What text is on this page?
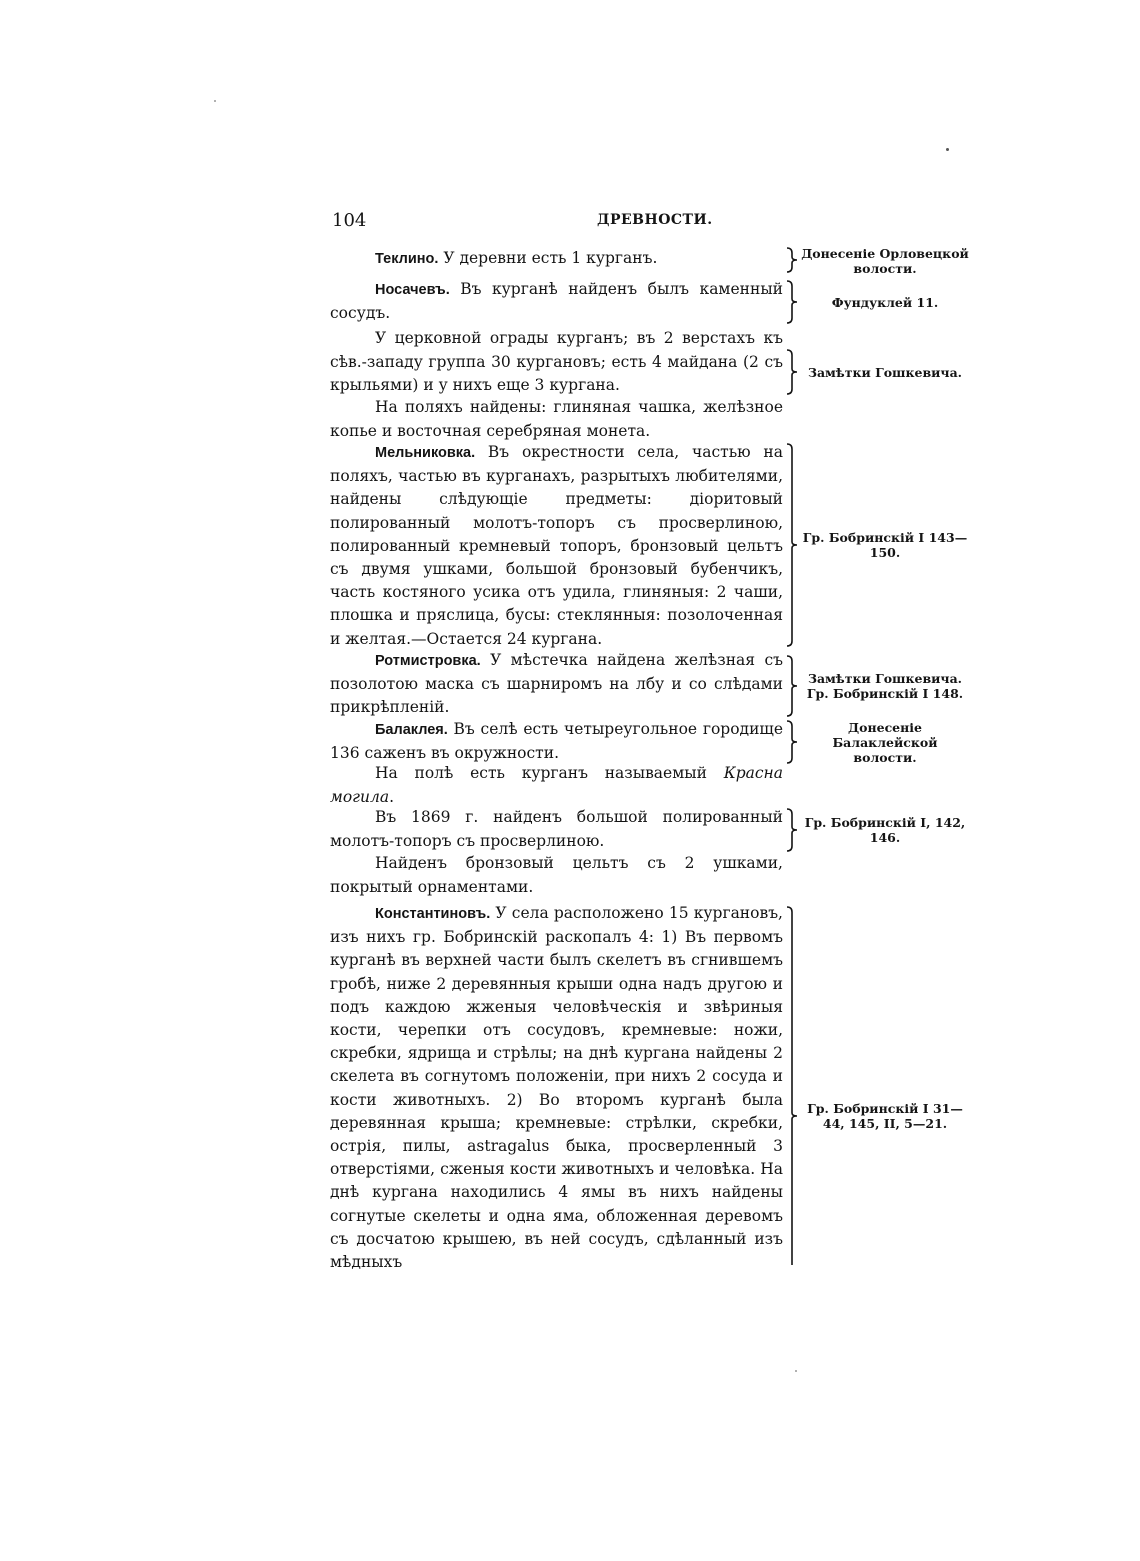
104	ДРЕВНОСТИ.

Теклино. У деревни есть 1 курганъ.	Донесеніе Орловецкой волости.

Носачевъ. Въ курганѣ найденъ былъ каменный сосудъ.

Фундуклей 11.

У церковной ограды курганъ; въ 2 верстахъ къ сѣв.-западу группа 30 кургановъ; есть 4 майдана (2 съ крыльями) и у нихъ еще 3 кургана.

Замѣтки Гошкевича.

На поляхъ найдены: глиняная чашка, желѣзное копье и восточная серебряная монета.

Мельниковка. Въ окрестности села, частью на поляхъ, частью въ курганахъ, разрытыхъ любителями, найдены слѣдующіе предметы: діоритовый полированный молотъ-топоръ съ просверлиною, полированный кремневый топоръ, бронзовый цельтъ съ двумя ушками, большой бронзовый бубенчикъ, часть костяного усика отъ удила, глиняныя: 2 чаши, плошка и пряслица, бусы: стеклянныя: позолоченная и желтая.—Остается 24 кургана.

Гр. Бобринскій I 143—150.

Ротмистровка. У мѣстечка найдена желѣзная съ позолотою маска съ шарниромъ на лбу и со слѣдами прикрѣпленій.

Замѣтки Гошкевича. Гр. Бобринскій I 148.

Балаклея. Въ селѣ есть четыреугольное городище 136 саженъ въ окружности.

Донесеніе Балаклейской волости.

На полѣ есть курганъ называемый Красна могила.

Въ 1869 г. найденъ большой полированный молотъ-топоръ съ просверлиною.

Гр. Бобринскій I, 142, 146.

Найденъ бронзовый цельтъ съ 2 ушками, покрытый орнаментами.

Константиновъ. У села расположено 15 кургановъ, изъ нихъ гр. Бобринскій раскопалъ 4: 1) Въ первомъ курганѣ въ верхней части былъ скелетъ въ сгнившемъ гробѣ, ниже 2 деревянныя крыши одна надъ другою и подъ каждою жженыя человѣческія и звѣриныя кости, черепки отъ сосудовъ, кремневые: ножи, скребки, ядрища и стрѣлы; на днѣ кургана найдены 2 скелета въ согнутомъ положеніи, при нихъ 2 сосуда и кости животныхъ. 2) Во второмъ курганѣ была деревянная крыша; кремневые: стрѣлки, скребки, острія, пилы, astragalus быка, просверленный 3 отверстіями, сженыя кости животныхъ и человѣка. На днѣ кургана находились 4 ямы въ нихъ найдены согнутые скелеты и одна яма, обложенная деревомъ съ досчатою крышею, въ ней сосудъ, сдѣланный изъ мѣдныхъ

Гр. Бобринскій I 31—44, 145, II, 5—21.
